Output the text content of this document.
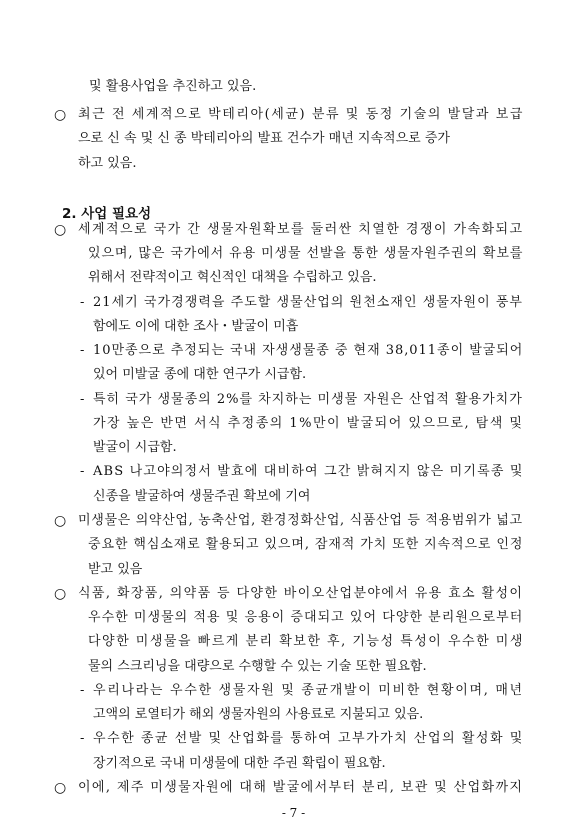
및 활용사업을 추진하고 있음.
○ 최근 전 세계적으로 박테리아(세균) 분류 및 동정 기술의 발달과 보급
으로 신 속 및 신 종 박테리아의 발표 건수가 매년 지속적으로 증가
하고 있음.
2. 사업 필요성
○ 세계적으로 국가 간 생물자원확보를 둘러싼 치열한 경쟁이 가속화되고
있으며, 많은 국가에서 유용 미생물 선발을 통한 생물자원주권의 확보를
위해서 전략적이고 혁신적인 대책을 수립하고 있음.
- 21세기 국가경쟁력을 주도할 생물산업의 원천소재인 생물자원이 풍부
함에도 이에 대한 조사・발굴이 미흡
- 10만종으로 추정되는 국내 자생생물종 중 현재 38,011종이 발굴되어
있어 미발굴 종에 대한 연구가 시급함.
- 특히 국가 생물종의 2%를 차지하는 미생물 자원은 산업적 활용가치가
가장 높은 반면 서식 추정종의 1%만이 발굴되어 있으므로, 탐색 및
발굴이 시급함.
- ABS 나고야의정서 발효에 대비하여 그간 밝혀지지 않은 미기록종 및
신종을 발굴하여 생물주권 확보에 기여
○ 미생물은 의약산업, 농축산업, 환경정화산업, 식품산업 등 적용범위가 넓고
중요한 핵심소재로 활용되고 있으며, 잠재적 가치 또한 지속적으로 인정
받고 있음
○ 식품, 화장품, 의약품 등 다양한 바이오산업분야에서 유용 효소 활성이
우수한 미생물의 적용 및 응용이 증대되고 있어 다양한 분리원으로부터
다양한 미생물을 빠르게 분리 확보한 후, 기능성 특성이 우수한 미생
물의 스크리닝을 대량으로 수행할 수 있는 기술 또한 필요함.
- 우리나라는 우수한 생물자원 및 종균개발이 미비한 현황이며, 매년
고액의 로열티가 해외 생물자원의 사용료로 지불되고 있음.
- 우수한 종균 선발 및 산업화를 통하여 고부가가치 산업의 활성화 및
장기적으로 국내 미생물에 대한 주권 확립이 필요함.
○ 이에, 제주 미생물자원에 대해 발굴에서부터 분리, 보관 및 산업화까지
- 7 -
